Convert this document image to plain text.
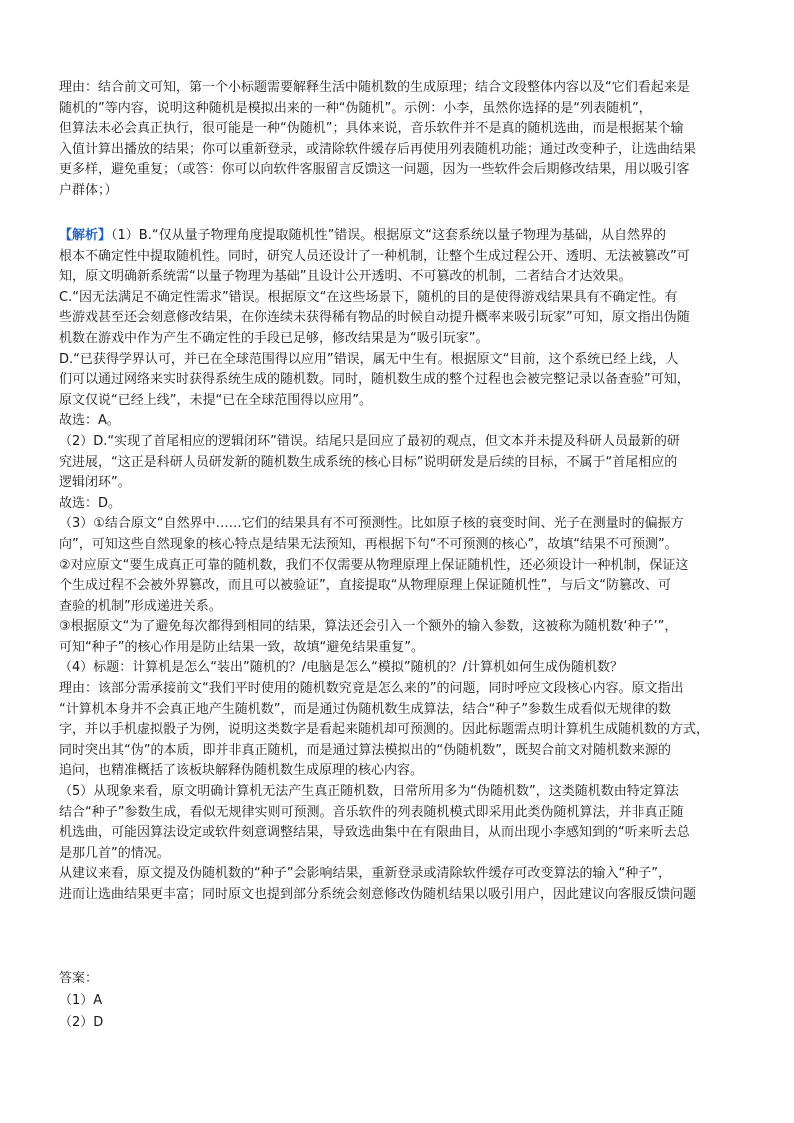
理由：结合前文可知，第一个小标题需要解释生活中随机数的生成原理；结合文段整体内容以及“它们看起来是
随机的”等内容，说明这种随机是模拟出来的一种“伪随机”。示例：小李，虽然你选择的是“列表随机”，
但算法未必会真正执行，很可能是一种“伪随机”；具体来说，音乐软件并不是真的随机选曲，而是根据某个输
入值计算出播放的结果；你可以重新登录，或清除软件缓存后再使用列表随机功能；通过改变种子，让选曲结果
更多样，避免重复；（或答：你可以向软件客服留言反馈这一问题，因为一些软件会后期修改结果，用以吸引客
户群体；）
【解析】（1）B.“仅从量子物理角度提取随机性”错误。根据原文“这套系统以量子物理为基础，从自然界的
根本不确定性中提取随机性。同时，研究人员还设计了一种机制，让整个生成过程公开、透明、无法被篡改”可
知，原文明确新系统需“以量子物理为基础”且设计公开透明、不可篡改的机制，二者结合才达效果。
C.“因无法满足不确定性需求”错误。根据原文“在这些场景下，随机的目的是使得游戏结果具有不确定性。有
些游戏甚至还会刻意修改结果，在你连续未获得稀有物品的时候自动提升概率来吸引玩家”可知，原文指出伪随
机数在游戏中作为产生不确定性的手段已足够，修改结果是为“吸引玩家”。
D.“已获得学界认可，并已在全球范围得以应用”错误，属无中生有。根据原文“目前，这个系统已经上线，人
们可以通过网络来实时获得系统生成的随机数。同时，随机数生成的整个过程也会被完整记录以备查验”可知，
原文仅说“已经上线”，未提“已在全球范围得以应用”。
故选：A。
（2）D.“实现了首尾相应的逻辑闭环”错误。结尾只是回应了最初的观点，但文本并未提及科研人员最新的研
究进展，“这正是科研人员研发新的随机数生成系统的核心目标”说明研发是后续的目标，不属于“首尾相应的
逻辑闭环”。
故选：D。
（3）①结合原文“自然界中……它们的结果具有不可预测性。比如原子核的衰变时间、光子在测量时的偏振方
向”，可知这些自然现象的核心特点是结果无法预知，再根据下句“不可预测的核心”，故填“结果不可预测”。
②对应原文“要生成真正可靠的随机数，我们不仅需要从物理原理上保证随机性，还必须设计一种机制，保证这
个生成过程不会被外界篡改，而且可以被验证”，直接提取“从物理原理上保证随机性”，与后文“防篡改、可
查验的机制”形成递进关系。
③根据原文“为了避免每次都得到相同的结果，算法还会引入一个额外的输入参数，这被称为随机数‘种子’”，
可知“种子”的核心作用是防止结果一致，故填“避免结果重复”。
（4）标题：计算机是怎么“装出”随机的？/电脑是怎么“模拟”随机的？/计算机如何生成伪随机数？
理由：该部分需承接前文“我们平时使用的随机数究竟是怎么来的”的问题，同时呼应文段核心内容。原文指出
“计算机本身并不会真正地产生随机数”，而是通过伪随机数生成算法，结合“种子”参数生成看似无规律的数
字，并以手机虚拟骰子为例，说明这类数字是看起来随机却可预测的。因此标题需点明计算机生成随机数的方式，
同时突出其“伪”的本质，即并非真正随机，而是通过算法模拟出的“伪随机数”，既契合前文对随机数来源的
追问，也精准概括了该板块解释伪随机数生成原理的核心内容。
（5）从现象来看，原文明确计算机无法产生真正随机数，日常所用多为“伪随机数”，这类随机数由特定算法
结合“种子”参数生成，看似无规律实则可预测。音乐软件的列表随机模式即采用此类伪随机算法，并非真正随
机选曲，可能因算法设定或软件刻意调整结果，导致选曲集中在有限曲目，从而出现小李感知到的“听来听去总
是那几首”的情况。
从建议来看，原文提及伪随机数的“种子”会影响结果，重新登录或清除软件缓存可改变算法的输入“种子”，
进而让选曲结果更丰富；同时原文也提到部分系统会刻意修改伪随机结果以吸引用户，因此建议向客服反馈问题
答案：
（1）A
（2）D
